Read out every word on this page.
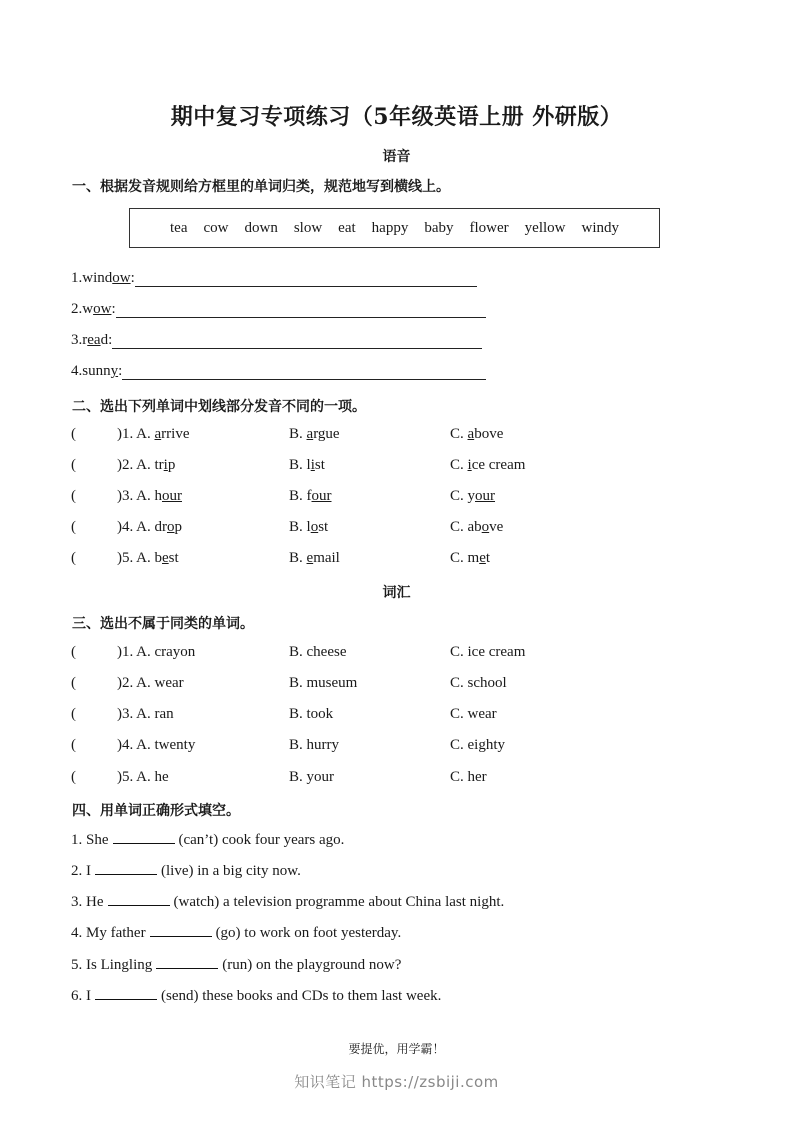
期中复习专项练习（5年级英语上册 外研版）
语音
一、根据发音规则给方框里的单词归类，规范地写到横线上。
tea cow down slow eat happy baby flower yellow windy
1. wind ow :
2. w ow :
3. r ea d:
4. sunn y :
二、选出下列单词中划线部分发音不同的一项。
(	)1. A. arrive	B. argue	C. above
(	)2. A. trip	B. list	C. ice cream
(	)3. A. hour	B. four	C. your
(	)4. A. drop	B. lost	C. above
(	)5. A. best	B. email	C. met
词汇
三、选出不属于同类的单词。
(	)1. A. crayon	B. cheese	C. ice cream
(	)2. A. wear	B. museum	C. school
(	)3. A. ran	B. took	C. wear
(	)4. A. twenty	B. hurry	C. eighty
(	)5. A. he	B. your	C. her
四、用单词正确形式填空。
1. She	(can’t) cook four years ago.
2. I	(live) in a big city now.
3. He	(watch) a television programme about China last night.
4. My father	(go) to work on foot yesterday.
5. Is Lingling	(run) on the playground now?
6. I	(send) these books and CDs to them last week.
要提优，用学霸！
知识笔记 https://zsbiji.com
